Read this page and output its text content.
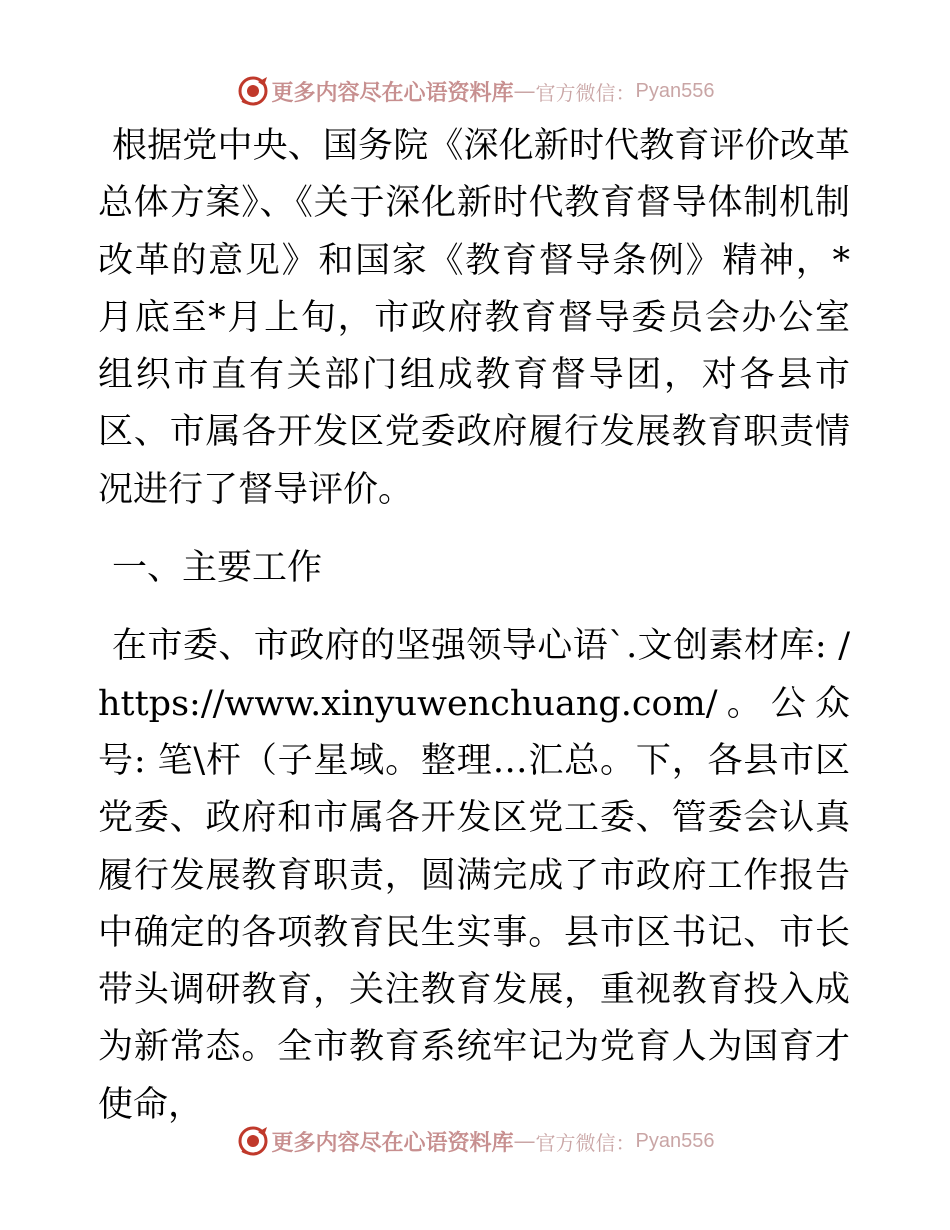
更多内容尽在心语资料库 — 官方微信： Pyan556

根据党中央、国务院《深化新时代教育评价改革总体方案》、《关于深化新时代教育督导体制机制改革的意见》和国家《教育督导条例》精神，*月底至*月上旬，市政府教育督导委员会办公室组织市直有关部门组成教育督导团，对各县市区、市属各开发区党委政府履行发展教育职责情况进行了督导评价。

一、主要工作

在市委、市政府的坚强领导心语ˋ.文创素材库: /https://www.xinyuwenchuang.com/。公众号: 笔\杆（子星域。整理…汇总。下，各县市区党委、政府和市属各开发区党工委、管委会认真履行发展教育职责，圆满完成了市政府工作报告中确定的各项教育民生实事。县市区书记、市长带头调研教育，关注教育发展，重视教育投入成为新常态。全市教育系统牢记为党育人为国育才使命，

更多内容尽在心语资料库 — 官方微信： Pyan556
